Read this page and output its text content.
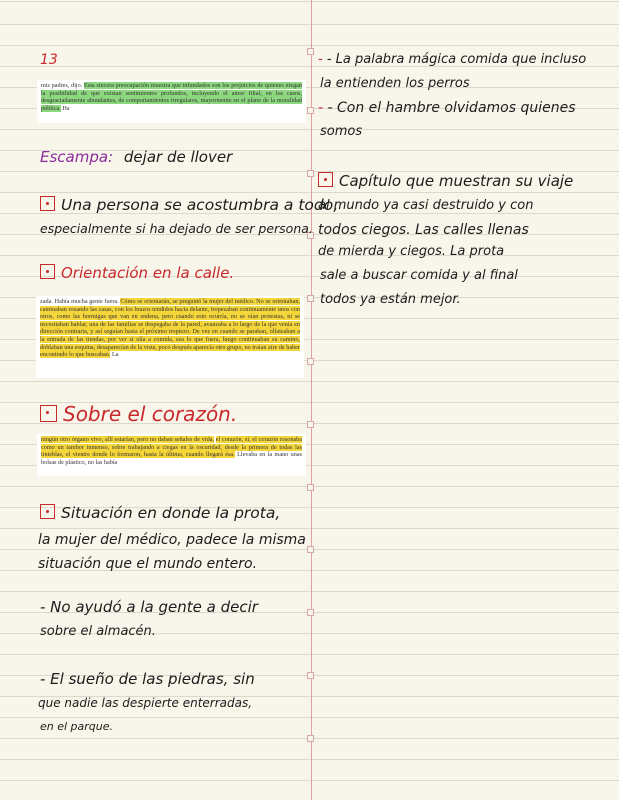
13
mis padres, dijo. Esta sincera preocupación muestra que infundados son los prejuicios de quienes niegan la posibilidad de que existan sentimientos profundos, incluyendo el amor filial, en los casos, desgraciadamente abundantes, de comportamientos irregulares, mayormente en el plano de la moralidad pública. Ha
Escampa: dejar de llover
Una persona se acostumbra a todo,
especialmente si ha dejado de ser persona.
Orientación en la calle.
zada. Había mucha gente fuera. Cómo se orientarán, se preguntó la mujer del médico. No se orientaban, caminaban rozando las casas, con los brazos tendidos hacia delante, tropezaban continuamente unos con otros, como las hormigas que van en endena, pero cuando esto ocurría, no se oían protestas, ni se necesitaban hablar, una de las familias se despegaba de la pared, avanzaba a lo largo de la que venía en dirección contraria, y así seguían hasta el próximo tropiezo. De vez en cuando se paraban, olfateaban a la entrada de las tiendas, por ver si olía a comida, sea lo que fuera, luego continuaban su camino, doblaban una esquina, desaparecían de la vista, poco después aparecía otro grupo, no traían aire de haber encontrado lo que buscaban. La
Sobre el corazón.
ningún otro órgano vivo, allí estarían, pero no daban señales de vida, el corazón, sí, el corazón resonaba como un tambor inmenso, sobre trabajando a ciegas en la oscuridad, desde la primera de todas las tinieblas, el vientre donde lo formaron, hasta la última, cuando llegará ésa. Llevaba en la mano unas bolsas de plástico, no las había
Situación en donde la prota,
la mujer del médico, padece la misma
situación que el mundo entero.
- No ayudó a la gente a decir
sobre el almacén.
- El sueño de las piedras, sin
que nadie las despierte enterradas,
en el parque.
- - La palabra mágica comida que incluso
la entienden los perros
- - Con el hambre olvidamos quienes
somos
Capítulo que muestran su viaje
al mundo ya casi destruido y con
todos ciegos. Las calles llenas
de mierda y ciegos. La prota
sale a buscar comida y al final
todos ya están mejor.
